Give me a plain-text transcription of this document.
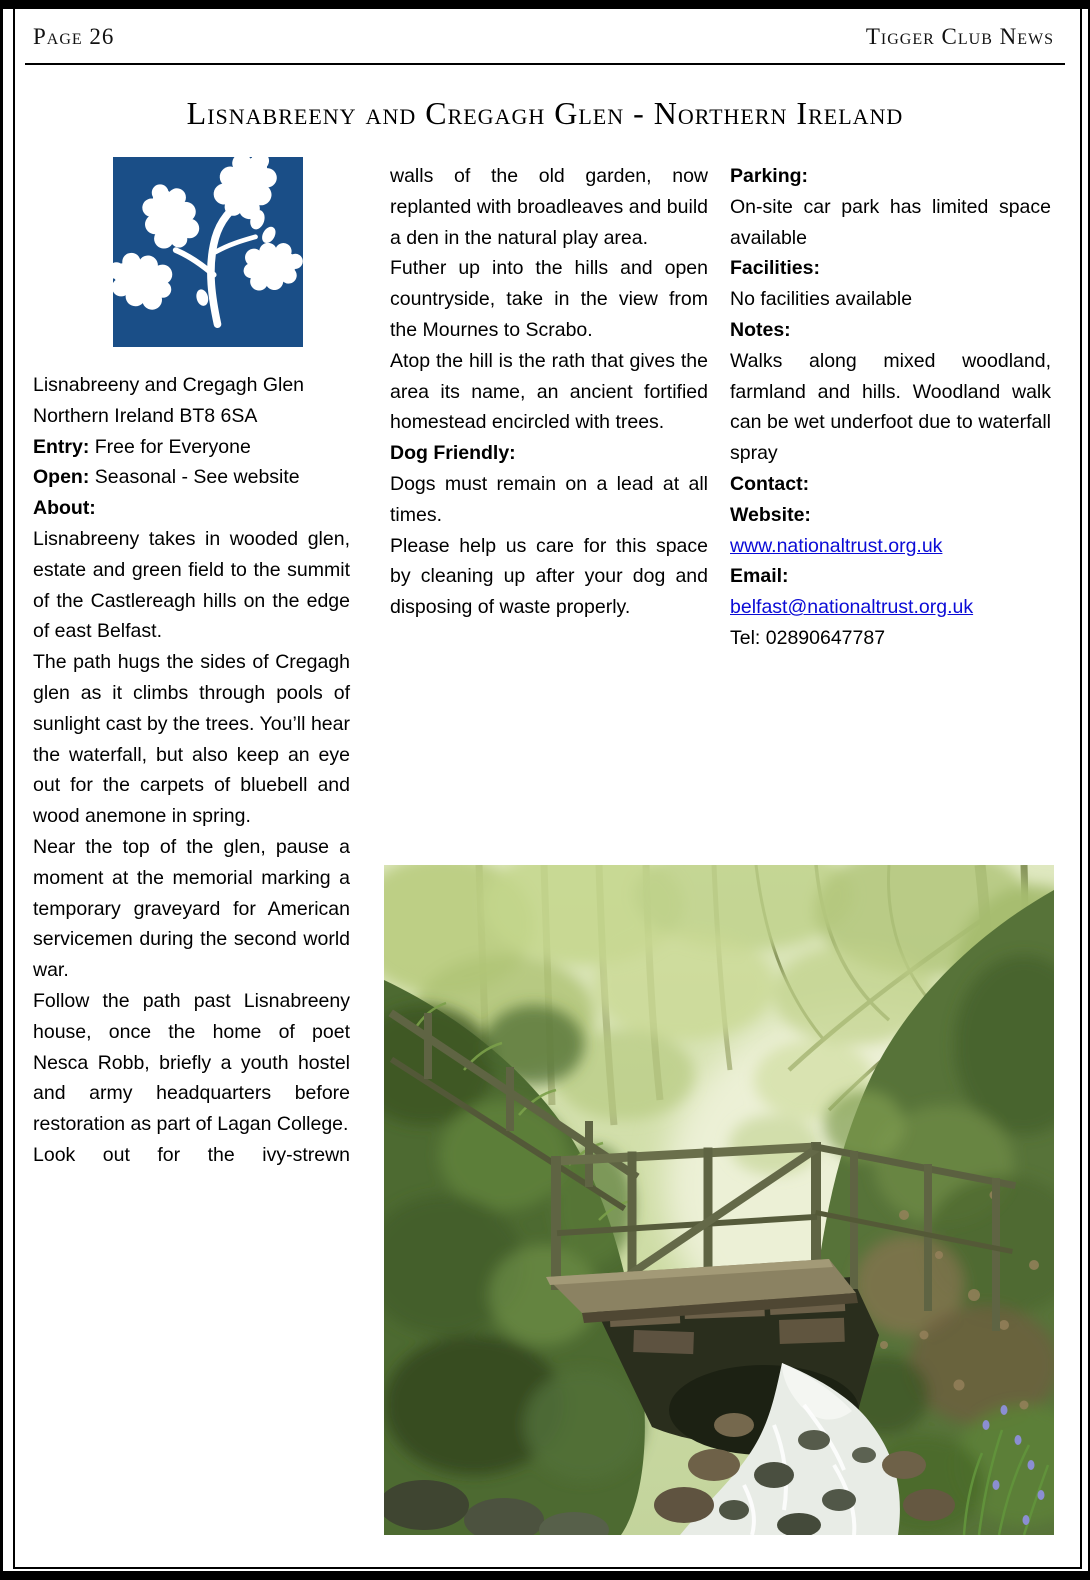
Page 26	Tigger Club News
Lisnabreeny and Cregagh Glen - Northern Ireland

Lisnabreeny and Cregagh Glen

Northern Ireland BT8 6SA

Entry: Free for Everyone

Open: Seasonal - See website

About:

Lisnabreeny takes in wooded glen, estate and green field to the summit of the Castlereagh hills on the edge of east Belfast.

The path hugs the sides of Cregagh glen as it climbs through pools of sunlight cast by the trees. You’ll hear the waterfall, but also keep an eye out for the carpets of bluebell and wood anemone in spring.

Near the top of the glen, pause a moment at the memorial marking a temporary graveyard for American servicemen during the second world war.

Follow the path past Lisnabreeny house, once the home of poet Nesca Robb, briefly a youth hostel and army headquarters before restoration as part of Lagan College.

Look out for the ivy-strewn

walls of the old garden, now replanted with broadleaves and build a den in the natural play area.

Futher up into the hills and open countryside, take in the view from the Mournes to Scrabo.

Atop the hill is the rath that gives the area its name, an ancient fortified homestead encircled with trees.

Dog Friendly:

Dogs must remain on a lead at all times.

Please help us care for this space by cleaning up after your dog and disposing of waste properly.

Parking:

On-site car park has limited space available

Facilities:

No facilities available

Notes:

Walks along mixed woodland, farmland and hills. Woodland walk can be wet underfoot due to waterfall spray

Contact:

Website:

www.nationaltrust.org.uk

Email:

belfast@nationaltrust.org.uk

Tel: 02890647787
